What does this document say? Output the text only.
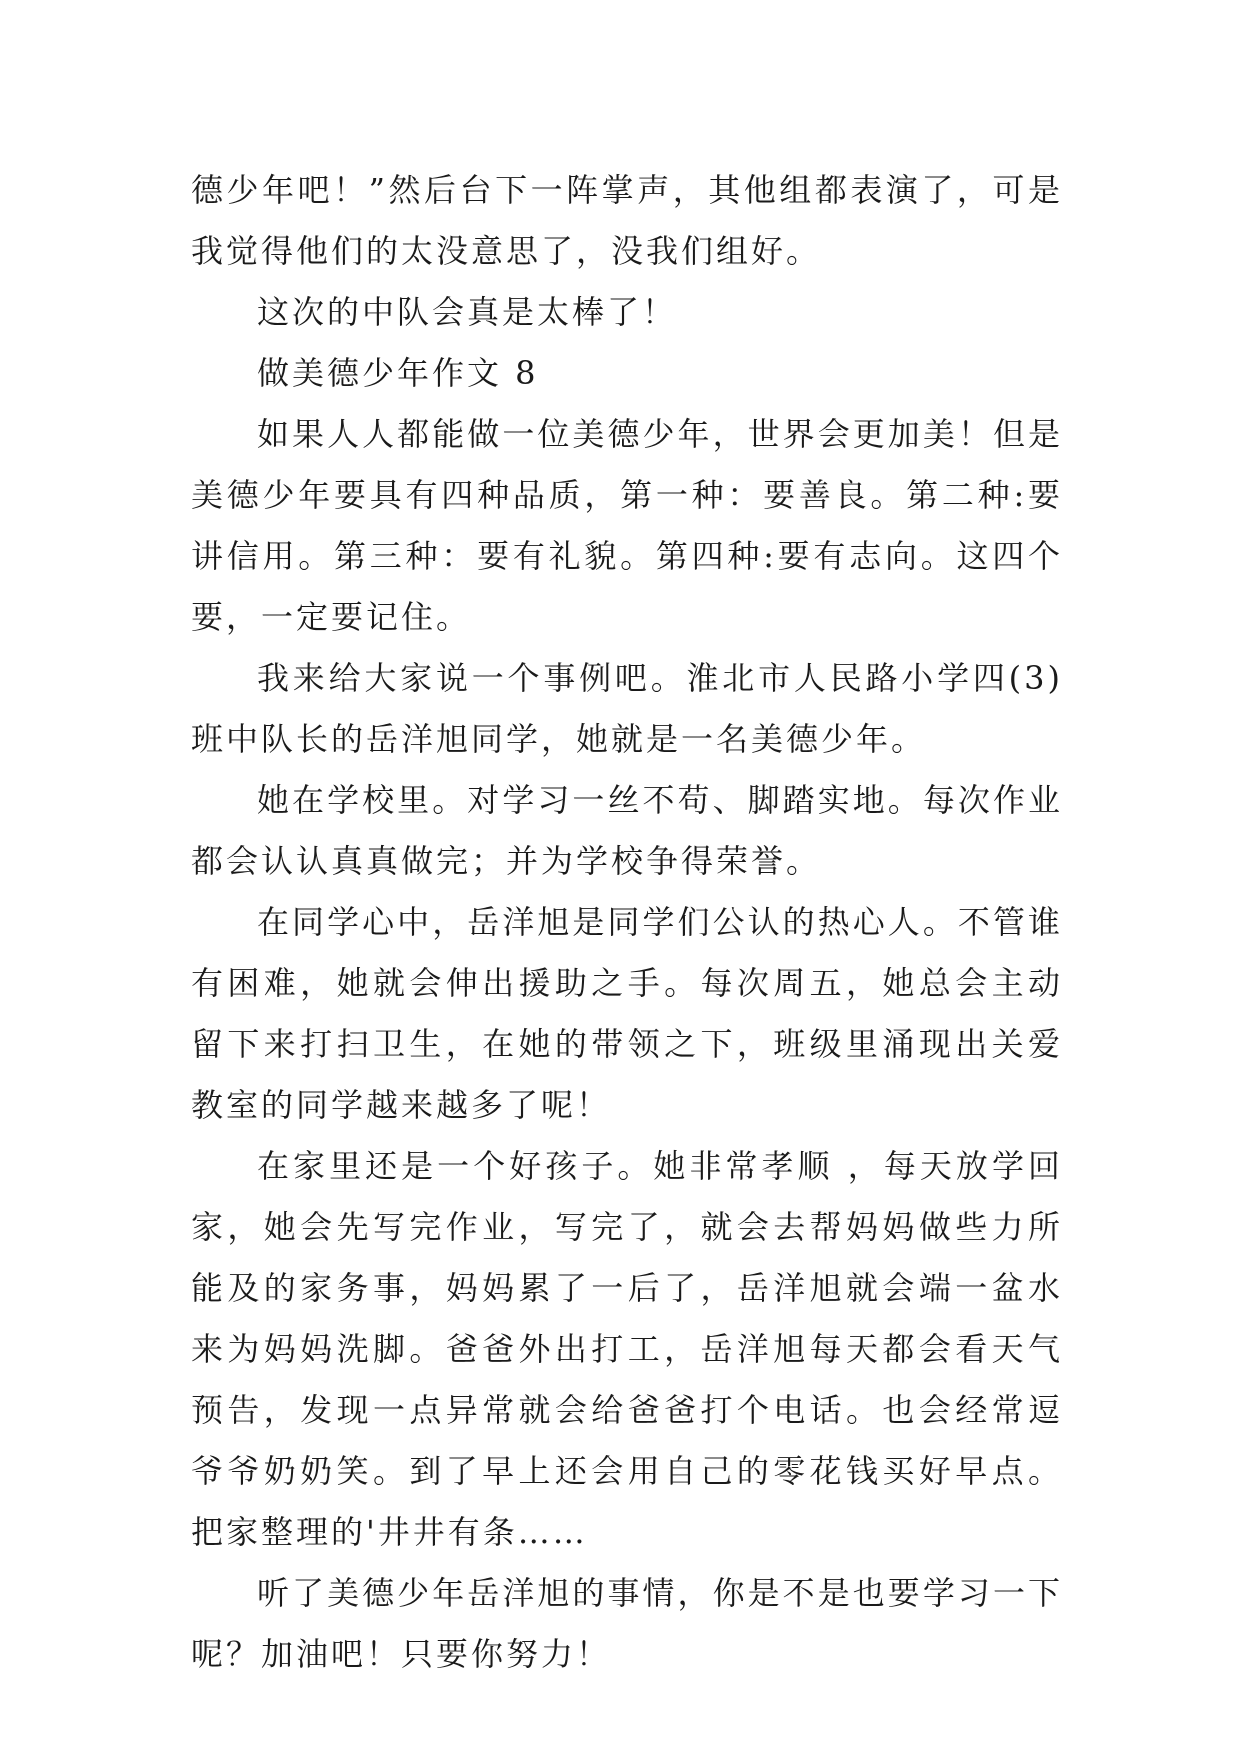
德少年吧！”然后台下一阵掌声，其他组都表演了，可是我觉得他们的太没意思了，没我们组好。

这次的中队会真是太棒了！

做美德少年作文 8

如果人人都能做一位美德少年，世界会更加美！但是美德少年要具有四种品质，第一种：要善良。第二种:要讲信用。第三种：要有礼貌。第四种:要有志向。这四个要，一定要记住。

我来给大家说一个事例吧。淮北市人民路小学四(3)班中队长的岳洋旭同学，她就是一名美德少年。

她在学校里。对学习一丝不苟、脚踏实地。每次作业都会认认真真做完；并为学校争得荣誉。

在同学心中，岳洋旭是同学们公认的热心人。不管谁有困难，她就会伸出援助之手。每次周五，她总会主动留下来打扫卫生，在她的带领之下，班级里涌现出关爱教室的同学越来越多了呢！

在家里还是一个好孩子。她非常孝顺 ，每天放学回家，她会先写完作业，写完了，就会去帮妈妈做些力所能及的家务事，妈妈累了一后了，岳洋旭就会端一盆水来为妈妈洗脚。爸爸外出打工，岳洋旭每天都会看天气预告，发现一点异常就会给爸爸打个电话。也会经常逗爷爷奶奶笑。到了早上还会用自己的零花钱买好早点。把家整理的'井井有条……

听了美德少年岳洋旭的事情，你是不是也要学习一下呢？加油吧！只要你努力！
